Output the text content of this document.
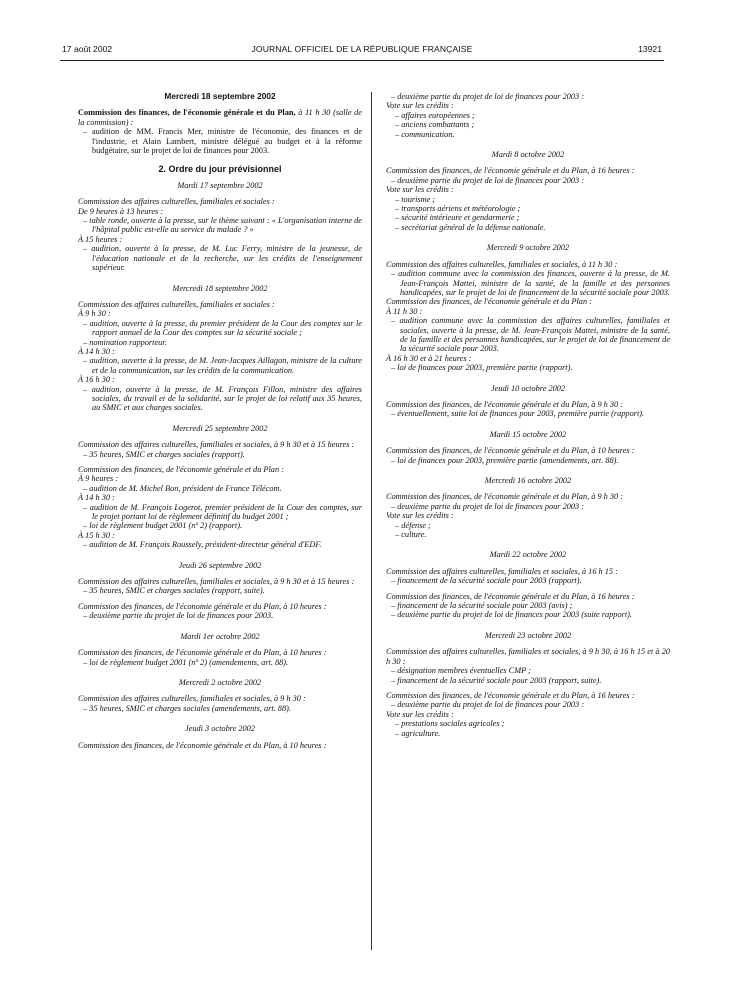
17 août 2002	JOURNAL OFFICIEL DE LA RÉPUBLIQUE FRANÇAISE	13921
Mercredi 18 septembre 2002

Commission des finances, de l'économie générale et du Plan, à 11 h 30 (salle de la commission) :

– audition de MM. Francis Mer, ministre de l'économie, des finances et de l'industrie, et Alain Lambert, ministre délégué au budget et à la réforme budgétaire, sur le projet de loi de finances pour 2003.

2. Ordre du jour prévisionnel
Mardi 17 septembre 2002

Commission des affaires culturelles, familiales et sociales :

De 9 heures à 13 heures :

– table ronde, ouverte à la presse, sur le thème suivant : « L'organisation interne de l'hôpital public est-elle au service du malade ? »

À 15 heures :

– audition, ouverte à la presse, de M. Luc Ferry, ministre de la jeunesse, de l'éducation nationale et de la recherche, sur les crédits de l'enseignement supérieur.

Mercredi 18 septembre 2002

Commission des affaires culturelles, familiales et sociales :

À 9 h 30 :

– audition, ouverte à la presse, du premier président de la Cour des comptes sur le rapport annuel de la Cour des comptes sur la sécurité sociale ;

– nomination rapporteur.

À 14 h 30 :

– audition, ouverte à la presse, de M. Jean-Jacques Aillagon, ministre de la culture et de la communication, sur les crédits de la communication.

À 16 h 30 :

– audition, ouverte à la presse, de M. François Fillon, ministre des affaires sociales, du travail et de la solidarité, sur le projet de loi relatif aux 35 heures, au SMIC et aux charges sociales.

Mercredi 25 septembre 2002

Commission des affaires culturelles, familiales et sociales, à 9 h 30 et à 15 heures :

– 35 heures, SMIC et charges sociales (rapport).

Commission des finances, de l'économie générale et du Plan :

À 9 heures :

– audition de M. Michel Bon, président de France Télécom.

À 14 h 30 :

– audition de M. François Logerot, premier président de la Cour des comptes, sur le projet portant loi de règlement définitif du budget 2001 ;

– loi de règlement budget 2001 (nº 2) (rapport).

À 15 h 30 :

– audition de M. François Roussely, président-directeur général d'EDF.

Jeudi 26 septembre 2002

Commission des affaires culturelles, familiales et sociales, à 9 h 30 et à 15 heures :

– 35 heures, SMIC et charges sociales (rapport, suite).

Commission des finances, de l'économie générale et du Plan, à 10 heures :

– deuxième partie du projet de loi de finances pour 2003.

Mardi 1er octobre 2002

Commission des finances, de l'économie générale et du Plan, à 10 heures :

– loi de règlement budget 2001 (nº 2) (amendements, art. 88).

Mercredi 2 octobre 2002

Commission des affaires culturelles, familiales et sociales, à 9 h 30 :

– 35 heures, SMIC et charges sociales (amendements, art. 88).

Jeudi 3 octobre 2002

Commission des finances, de l'économie générale et du Plan, à 10 heures :

– deuxième partie du projet de loi de finances pour 2003 :

Vote sur les crédits :

– affaires européennes ;

– anciens combattants ;

– communication.

Mardi 8 octobre 2002

Commission des finances, de l'économie générale et du Plan, à 16 heures :

– deuxième partie du projet de loi de finances pour 2003 :

Vote sur les crédits :

– tourisme ;

– transports aériens et météorologie ;

– sécurité intérieure et gendarmerie ;

– secrétariat général de la défense nationale.

Mercredi 9 octobre 2002

Commission des affaires culturelles, familiales et sociales, à 11 h 30 :

– audition commune avec la commission des finances, ouverte à la presse, de M. Jean-François Mattei, ministre de la santé, de la famille et des personnes handicapées, sur le projet de loi de financement de la sécurité sociale pour 2003.

Commission des finances, de l'économie générale et du Plan :

À 11 h 30 :

– audition commune avec la commission des affaires culturelles, familiales et sociales, ouverte à la presse, de M. Jean-François Mattei, ministre de la santé, de la famille et des personnes handicapées, sur le projet de loi de financement de la sécurité sociale pour 2003.

À 16 h 30 et à 21 heures :

– loi de finances pour 2003, première partie (rapport).

Jeudi 10 octobre 2002

Commission des finances, de l'économie générale et du Plan, à 9 h 30 :

– éventuellement, suite loi de finances pour 2003, première partie (rapport).

Mardi 15 octobre 2002

Commission des finances, de l'économie générale et du Plan, à 10 heures :

– loi de finances pour 2003, première partie (amendements, art. 88).

Mercredi 16 octobre 2002

Commission des finances, de l'économie générale et du Plan, à 9 h 30 :

– deuxième partie du projet de loi de finances pour 2003 :

Vote sur les crédits :

– défense ;

– culture.

Mardi 22 octobre 2002

Commission des affaires culturelles, familiales et sociales, à 16 h 15 :

– financement de la sécurité sociale pour 2003 (rapport).

Commission des finances, de l'économie générale et du Plan, à 16 heures :

– financement de la sécurité sociale pour 2003 (avis) ;

– deuxième partie du projet de loi de finances pour 2003 (suite rapport).

Mercredi 23 octobre 2002

Commission des affaires culturelles, familiales et sociales, à 9 h 30, à 16 h 15 et à 20 h 30 :

– désignation membres éventuelles CMP ;

– financement de la sécurité sociale pour 2003 (rapport, suite).

Commission des finances, de l'économie générale et du Plan, à 16 heures :

– deuxième partie du projet de loi de finances pour 2003 :

Vote sur les crédits :

– prestations sociales agricoles ;

– agriculture.
